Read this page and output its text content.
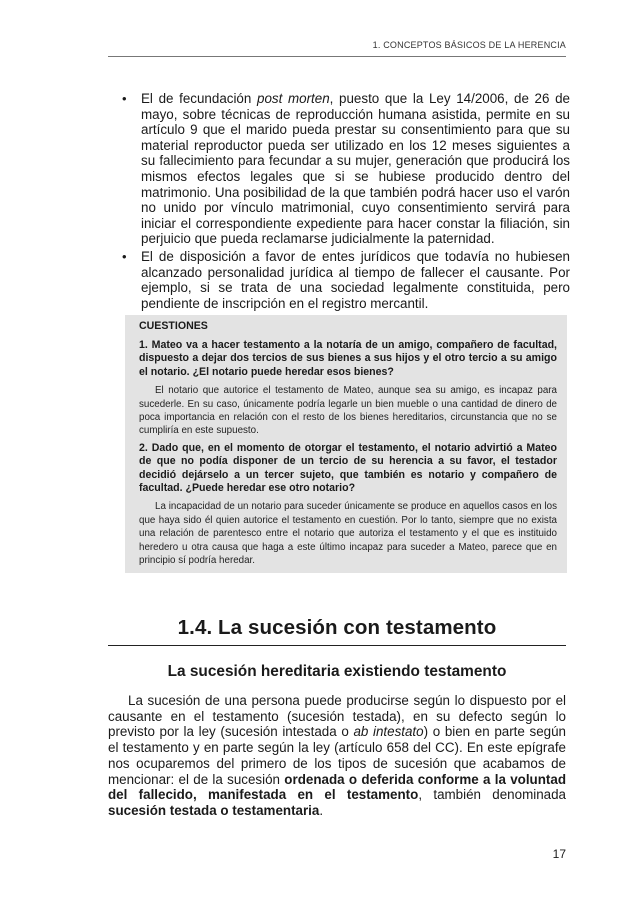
1. CONCEPTOS BÁSICOS DE LA HERENCIA
• El de fecundación post morten, puesto que la Ley 14/2006, de 26 de mayo, sobre técnicas de reproducción humana asistida, permite en su artículo 9 que el marido pueda prestar su consentimiento para que su material reproductor pueda ser utilizado en los 12 meses siguientes a su fallecimiento para fecundar a su mujer, generación que producirá los mismos efectos legales que si se hubiese producido dentro del matrimonio. Una posibilidad de la que también podrá hacer uso el varón no unido por vínculo matrimonial, cuyo consentimiento servirá para iniciar el correspondiente expediente para hacer constar la filiación, sin perjuicio que pueda reclamarse judicialmente la paternidad.
• El de disposición a favor de entes jurídicos que todavía no hubiesen alcanzado personalidad jurídica al tiempo de fallecer el causante. Por ejemplo, si se trata de una sociedad legalmente constituida, pero pendiente de inscripción en el registro mercantil.
CUESTIONES

1. Mateo va a hacer testamento a la notaría de un amigo, compañero de facultad, dispuesto a dejar dos tercios de sus bienes a sus hijos y el otro tercio a su amigo el notario. ¿El notario puede heredar esos bienes?

El notario que autorice el testamento de Mateo, aunque sea su amigo, es incapaz para sucederle. En su caso, únicamente podría legarle un bien mueble o una cantidad de dinero de poca importancia en relación con el resto de los bienes hereditarios, circunstancia que no se cumpliría en este supuesto.

2. Dado que, en el momento de otorgar el testamento, el notario advirtió a Mateo de que no podía disponer de un tercio de su herencia a su favor, el testador decidió dejárselo a un tercer sujeto, que también es notario y compañero de facultad. ¿Puede heredar ese otro notario?

La incapacidad de un notario para suceder únicamente se produce en aquellos casos en los que haya sido él quien autorice el testamento en cuestión. Por lo tanto, siempre que no exista una relación de parentesco entre el notario que autoriza el testamento y el que es instituido heredero u otra causa que haga a este último incapaz para suceder a Mateo, parece que en principio sí podría heredar.

1.4. La sucesión con testamento
La sucesión hereditaria existiendo testamento

La sucesión de una persona puede producirse según lo dispuesto por el causante en el testamento (sucesión testada), en su defecto según lo previsto por la ley (sucesión intestada o ab intestato) o bien en parte según el testamento y en parte según la ley (artículo 658 del CC). En este epígrafe nos ocuparemos del primero de los tipos de sucesión que acabamos de mencionar: el de la sucesión ordenada o deferida conforme a la voluntad del fallecido, manifestada en el testamento, también denominada sucesión testada o testamentaria.

17
